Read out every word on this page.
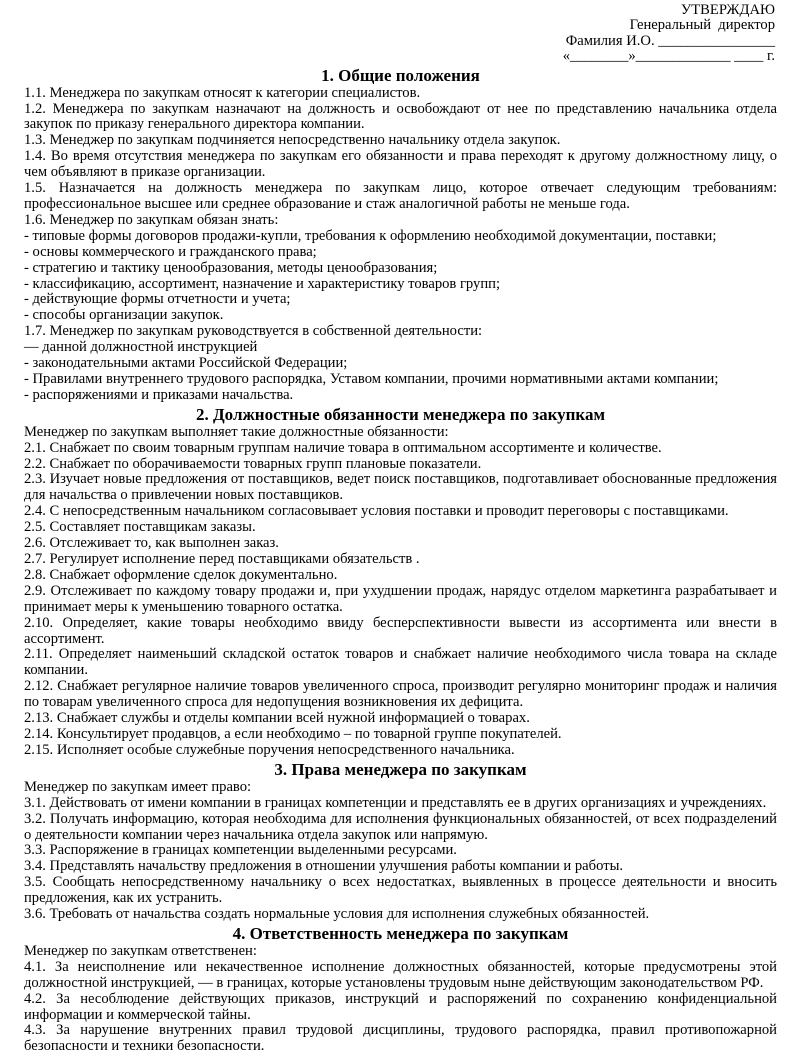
УТВЕРЖДАЮ
Генеральный  директор
Фамилия И.О. ________________
«________»_____________ ____ г.
1. Общие положения

1.1. Менеджера по закупкам относят к категории специалистов.

1.2. Менеджера по закупкам назначают на должность и освобождают от нее по представлению начальника отдела закупок по приказу генерального директора компании.

1.3. Менеджер по закупкам подчиняется непосредственно начальнику отдела закупок.

1.4. Во время отсутствия менеджера по закупкам его обязанности и права переходят к другому должностному лицу, о чем объявляют в приказе организации.

1.5. Назначается на должность менеджера по закупкам лицо, которое отвечает следующим требованиям: профессиональное высшее или среднее образование и стаж аналогичной работы не меньше года.

1.6. Менеджер по закупкам обязан знать:

- типовые формы договоров продажи-купли, требования к оформлению необходимой документации, поставки;

- основы коммерческого и гражданского права;

- стратегию и тактику ценообразования, методы ценообразования;

- классификацию, ассортимент, назначение и характеристику товаров групп;

- действующие формы отчетности и учета;

- способы организации закупок.

1.7. Менеджер по закупкам руководствуется в собственной деятельности:

— данной должностной инструкцией

- законодательными актами Российской Федерации;

- Правилами внутреннего трудового распорядка, Уставом компании, прочими нормативными актами компании;

- распоряжениями и приказами начальства.

2. Должностные обязанности менеджера по закупкам

Менеджер по закупкам выполняет такие должностные обязанности:

2.1. Снабжает по своим товарным группам наличие товара в оптимальном ассортименте и количестве.

2.2. Снабжает по оборачиваемости товарных групп плановые показатели.

2.3. Изучает новые предложения от поставщиков, ведет поиск поставщиков, подготавливает обоснованные предложения для начальства о привлечении новых поставщиков.

2.4. С непосредственным начальником согласовывает условия поставки и проводит переговоры с поставщиками.

2.5. Составляет поставщикам заказы.

2.6. Отслеживает то, как выполнен заказ.

2.7. Регулирует исполнение перед поставщиками обязательств .

2.8. Снабжает оформление сделок документально.

2.9. Отслеживает по каждому товару продажи и, при ухудшении продаж, нарядус отделом маркетинга разрабатывает и принимает меры к уменьшению товарного остатка.

2.10. Определяет, какие товары необходимо ввиду бесперспективности вывести из ассортимента или внести в ассортимент.

2.11. Определяет наименьший складской остаток товаров и снабжает наличие необходимого числа товара на складе компании.

2.12. Снабжает регулярное наличие товаров увеличенного спроса, производит регулярно мониторинг продаж и наличия по товарам увеличенного спроса для недопущения возникновения их дефицита.

2.13. Снабжает службы и отделы компании всей нужной информацией о товарах.

2.14. Консультирует продавцов, а если необходимо – по товарной группе покупателей.

2.15. Исполняет особые служебные поручения непосредственного начальника.

3. Права менеджера по закупкам

Менеджер по закупкам имеет право:

3.1. Действовать от имени компании в границах компетенции и представлять ее в других организациях и учреждениях.

3.2. Получать информацию, которая необходима для исполнения функциональных обязанностей, от всех подразделений о деятельности компании через начальника отдела закупок или напрямую.

3.3. Распоряжение в границах компетенции выделенными ресурсами.

3.4. Представлять начальству предложения в отношении улучшения работы компании и работы.

3.5. Сообщать непосредственному начальнику о всех недостатках, выявленных в процессе деятельности и вносить предложения, как их устранить.

3.6. Требовать от начальства создать нормальные условия для исполнения служебных обязанностей.

4. Ответственность менеджера по закупкам

Менеджер по закупкам ответственен:

4.1. За неисполнение или некачественное исполнение должностных обязанностей, которые предусмотрены этой должностной инструкцией, — в границах, которые установлены трудовым ныне действующим законодательством РФ.

4.2. За несоблюдение действующих приказов, инструкций и распоряжений по сохранению конфиденциальной информации и коммерческой тайны.

4.3. За нарушение внутренних правил трудовой дисциплины, трудового распорядка, правил противопожарной безопасности и техники безопасности.
